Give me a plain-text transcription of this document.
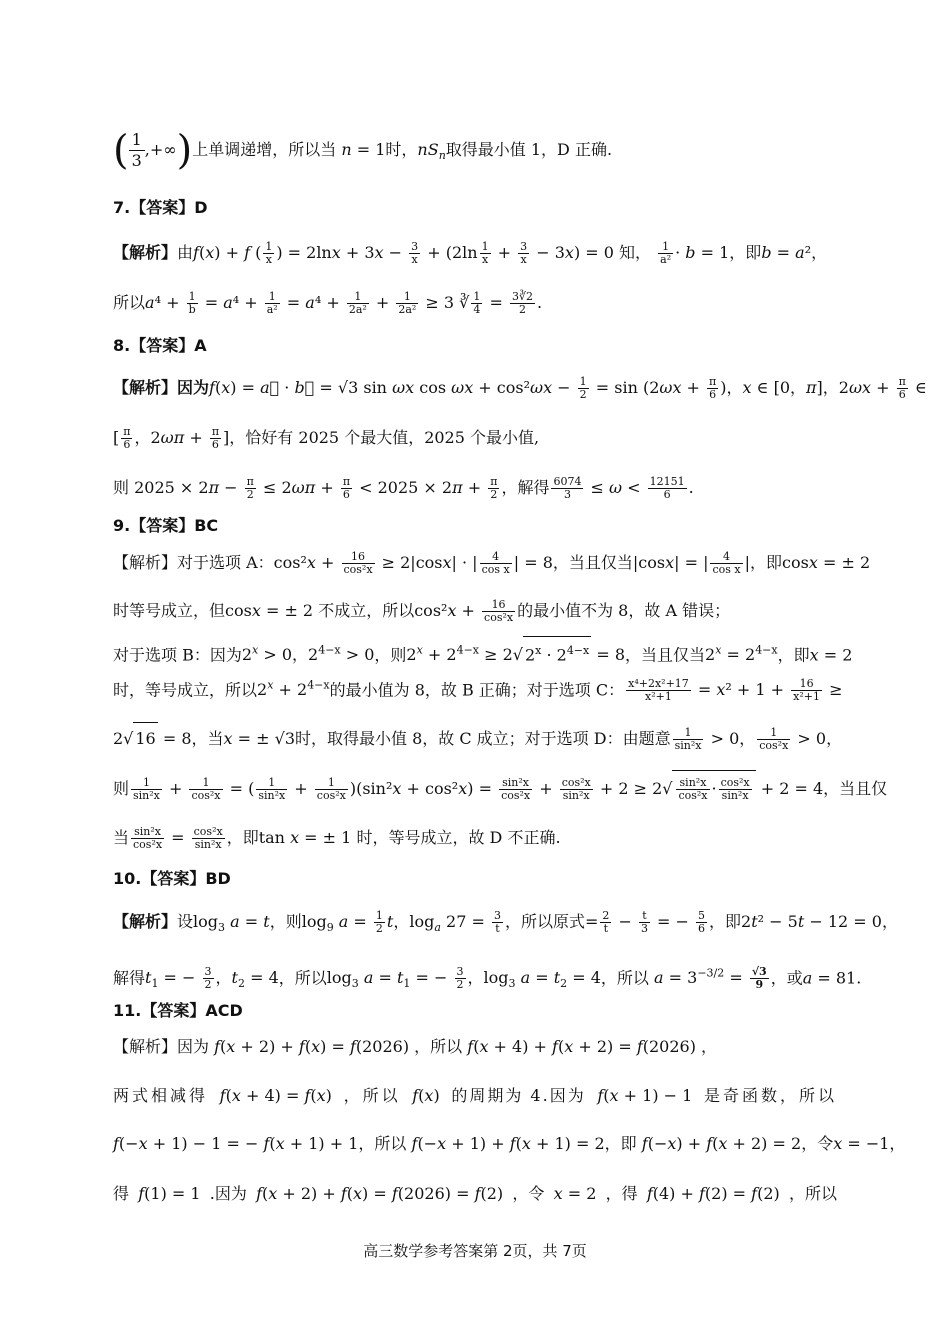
( $\frac{1}{3}$ ,+∞)上单调递增，所以当 n = 1时，$nS_n$取得最小值 1，D 正确.
7.【答案】D
【解析】由f(x) + f ( $\frac{1}{x}$ ) = $2\ln x + 3x - \frac{3}{x} + (2\ln \frac{1}{x} + \frac{3}{x} - 3x) = 0$ 知， $\frac{1}{\text{a²}} \cdot b = 1$，即b = a²，
所以$a^4 + \frac{1}{b} = a^4 + \frac{1}{\text{a²}} = a^4 + \frac{1}{\text{2a²}} + \frac{1}{\text{2a²}} \ge 3$ ∛ $\frac{1}{4} = \frac{3∛2}{2}$ .
8.【答案】A
【解析】因为f(x) = a⃗ · b⃗ = √3 sin ωx $\cos \omega x + \cos^2\omega x - \frac{1}{2} = \sin (2\omega x + \frac{\pi}{6}$ )，x ∈ [0，π]，$2\omega x + \frac{\pi}{6}$ ∈
[ $\frac{\pi}{6}$ ，$2\omega\pi + \frac{\pi}{6}$ ]，恰好有 2025 个最大值，2025 个最小值,
则 $2025 \times 2\pi - \frac{\pi}{2} \le 2\omega\pi + \frac{\pi}{6} < 2025 \times 2\pi + \frac{\pi}{2}$ ，解得 $\frac{6074}{3} \le \omega < \frac{12151}{6}$ .
9.【答案】BC
【解析】对于选项 A：$\cos^2x + \frac{16}{\text{cos²x}} \ge 2|\cos x|$ · | $\frac{4}{\text{cos x}}$ | = 8，当且仅当|cosx| = | $\frac{4}{\text{cos x}}$ |，即cosx = ± 2
时等号成立，但cosx = ± 2 不成立，所以$\cos^2x + \frac{16}{\text{cos²x}}$ 的最小值不为 8，故 A 错误；
对于选项 B：因为$2^x > 0$，$2^{4-x} > 0$，则$2^x + 2^{4-x} \ge 2√$ $2^x \cdot 2^{4-x} = 8$，当且仅当$2^x = 2^{4-x}$，即x = 2
时，等号成立，所以$2^x + 2^{4-x}$的最小值为 8，故 B 正确；对于选项 C： $\frac{\text{x⁴+2x²+17}}{\text{x²+1}} = x^2 + 1 + \frac{16}{\text{x²+1}}$ ≥
2√ 16 = 8，当x = ± √3时，取得最小值 8，故 C 成立；对于选项 D：由题意 $\frac{1}{\text{sin²x}} > 0$， $\frac{1}{\text{cos²x}} > 0$，
则 $\frac{1}{\text{sin²x}} + \frac{1}{\text{cos²x}}$ = ( $\frac{1}{\text{sin²x}} + \frac{1}{\text{cos²x}} )(\sin^2x + \cos^2x) = \frac{\text{sin²x}}{\text{cos²x}} + \frac{\text{cos²x}}{\text{sin²x}} + 2 \ge 2√ \frac{\text{sin²x}}{\text{cos²x}} \cdot \frac{\text{cos²x}}{\text{sin²x}} + 2 = 4$，当且仅
当 $\frac{\text{sin²x}}{\text{cos²x}} = \frac{\text{cos²x}}{\text{sin²x}}$ ，即tan x = ± 1 时，等号成立，故 D 不正确.
10.【答案】BD
【解析】设$\log_3 a = t$，则$\log_9 a = \frac{1}{2}$ t，$\log_a 27 = \frac{3}{t}$ ，所以原式= $\frac{2}{t} - \frac{t}{3}$ = − $\frac{5}{6}$ ，即2t² − 5t − 12 = 0，
解得$t_1$ = − $\frac{3}{2}$ ，$t_2 = 4$，所以$\log_3 a = t_1$ = − $\frac{3}{2}$ ，$\log_3 a = t_2 = 4$，所以 $a = 3^{-3/2} = \frac{√3}{9}$ ，或a = 81.
11.【答案】ACD
【解析】因为 f(x + 2) + f(x) = f(2026) ，所以 f(x + 4) + f(x + 2) = f(2026) ，
两式相减得 f(x + 4) = f(x) ，所以 f(x) 的周期为 4.因为 f(x + 1) − 1 是奇函数，所以
f(−x + 1) − 1 = − f(x + 1) + 1，所以 f(−x + 1) + f(x + 1) = 2，即 f(−x) + f(x + 2) = 2，令x = −1，
得 f(1) = 1 .因为 f(x + 2) + f(x) = f(2026) = f(2) ，令 x = 2 ，得 f(4) + f(2) = f(2) ，所以
高三数学参考答案第 2页，共 7页
